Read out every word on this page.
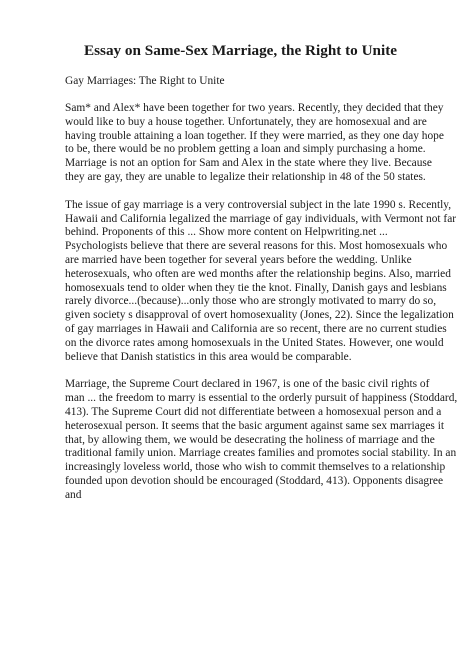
Essay on Same-Sex Marriage, the Right to Unite
Gay Marriages: The Right to Unite
Sam* and Alex* have been together for two years. Recently, they decided that they
would like to buy a house together. Unfortunately, they are homosexual and are
having trouble attaining a loan together. If they were married, as they one day hope
to be, there would be no problem getting a loan and simply purchasing a home.
Marriage is not an option for Sam and Alex in the state where they live. Because
they are gay, they are unable to legalize their relationship in 48 of the 50 states.
The issue of gay marriage is a very controversial subject in the late 1990 s. Recently,
Hawaii and California legalized the marriage of gay individuals, with Vermont not far
behind. Proponents of this ... Show more content on Helpwriting.net ...
Psychologists believe that there are several reasons for this. Most homosexuals who
are married have been together for several years before the wedding. Unlike
heterosexuals, who often are wed months after the relationship begins. Also, married
homosexuals tend to older when they tie the knot. Finally, Danish gays and lesbians
rarely divorce...(because)...only those who are strongly motivated to marry do so,
given society s disapproval of overt homosexuality (Jones, 22). Since the legalization
of gay marriages in Hawaii and California are so recent, there are no current studies
on the divorce rates among homosexuals in the United States. However, one would
believe that Danish statistics in this area would be comparable.
Marriage, the Supreme Court declared in 1967, is one of the basic civil rights of
man ... the freedom to marry is essential to the orderly pursuit of happiness (Stoddard,
413). The Supreme Court did not differentiate between a homosexual person and a
heterosexual person. It seems that the basic argument against same sex marriages it
that, by allowing them, we would be desecrating the holiness of marriage and the
traditional family union. Marriage creates families and promotes social stability. In an
increasingly loveless world, those who wish to commit themselves to a relationship
founded upon devotion should be encouraged (Stoddard, 413). Opponents disagree
and
